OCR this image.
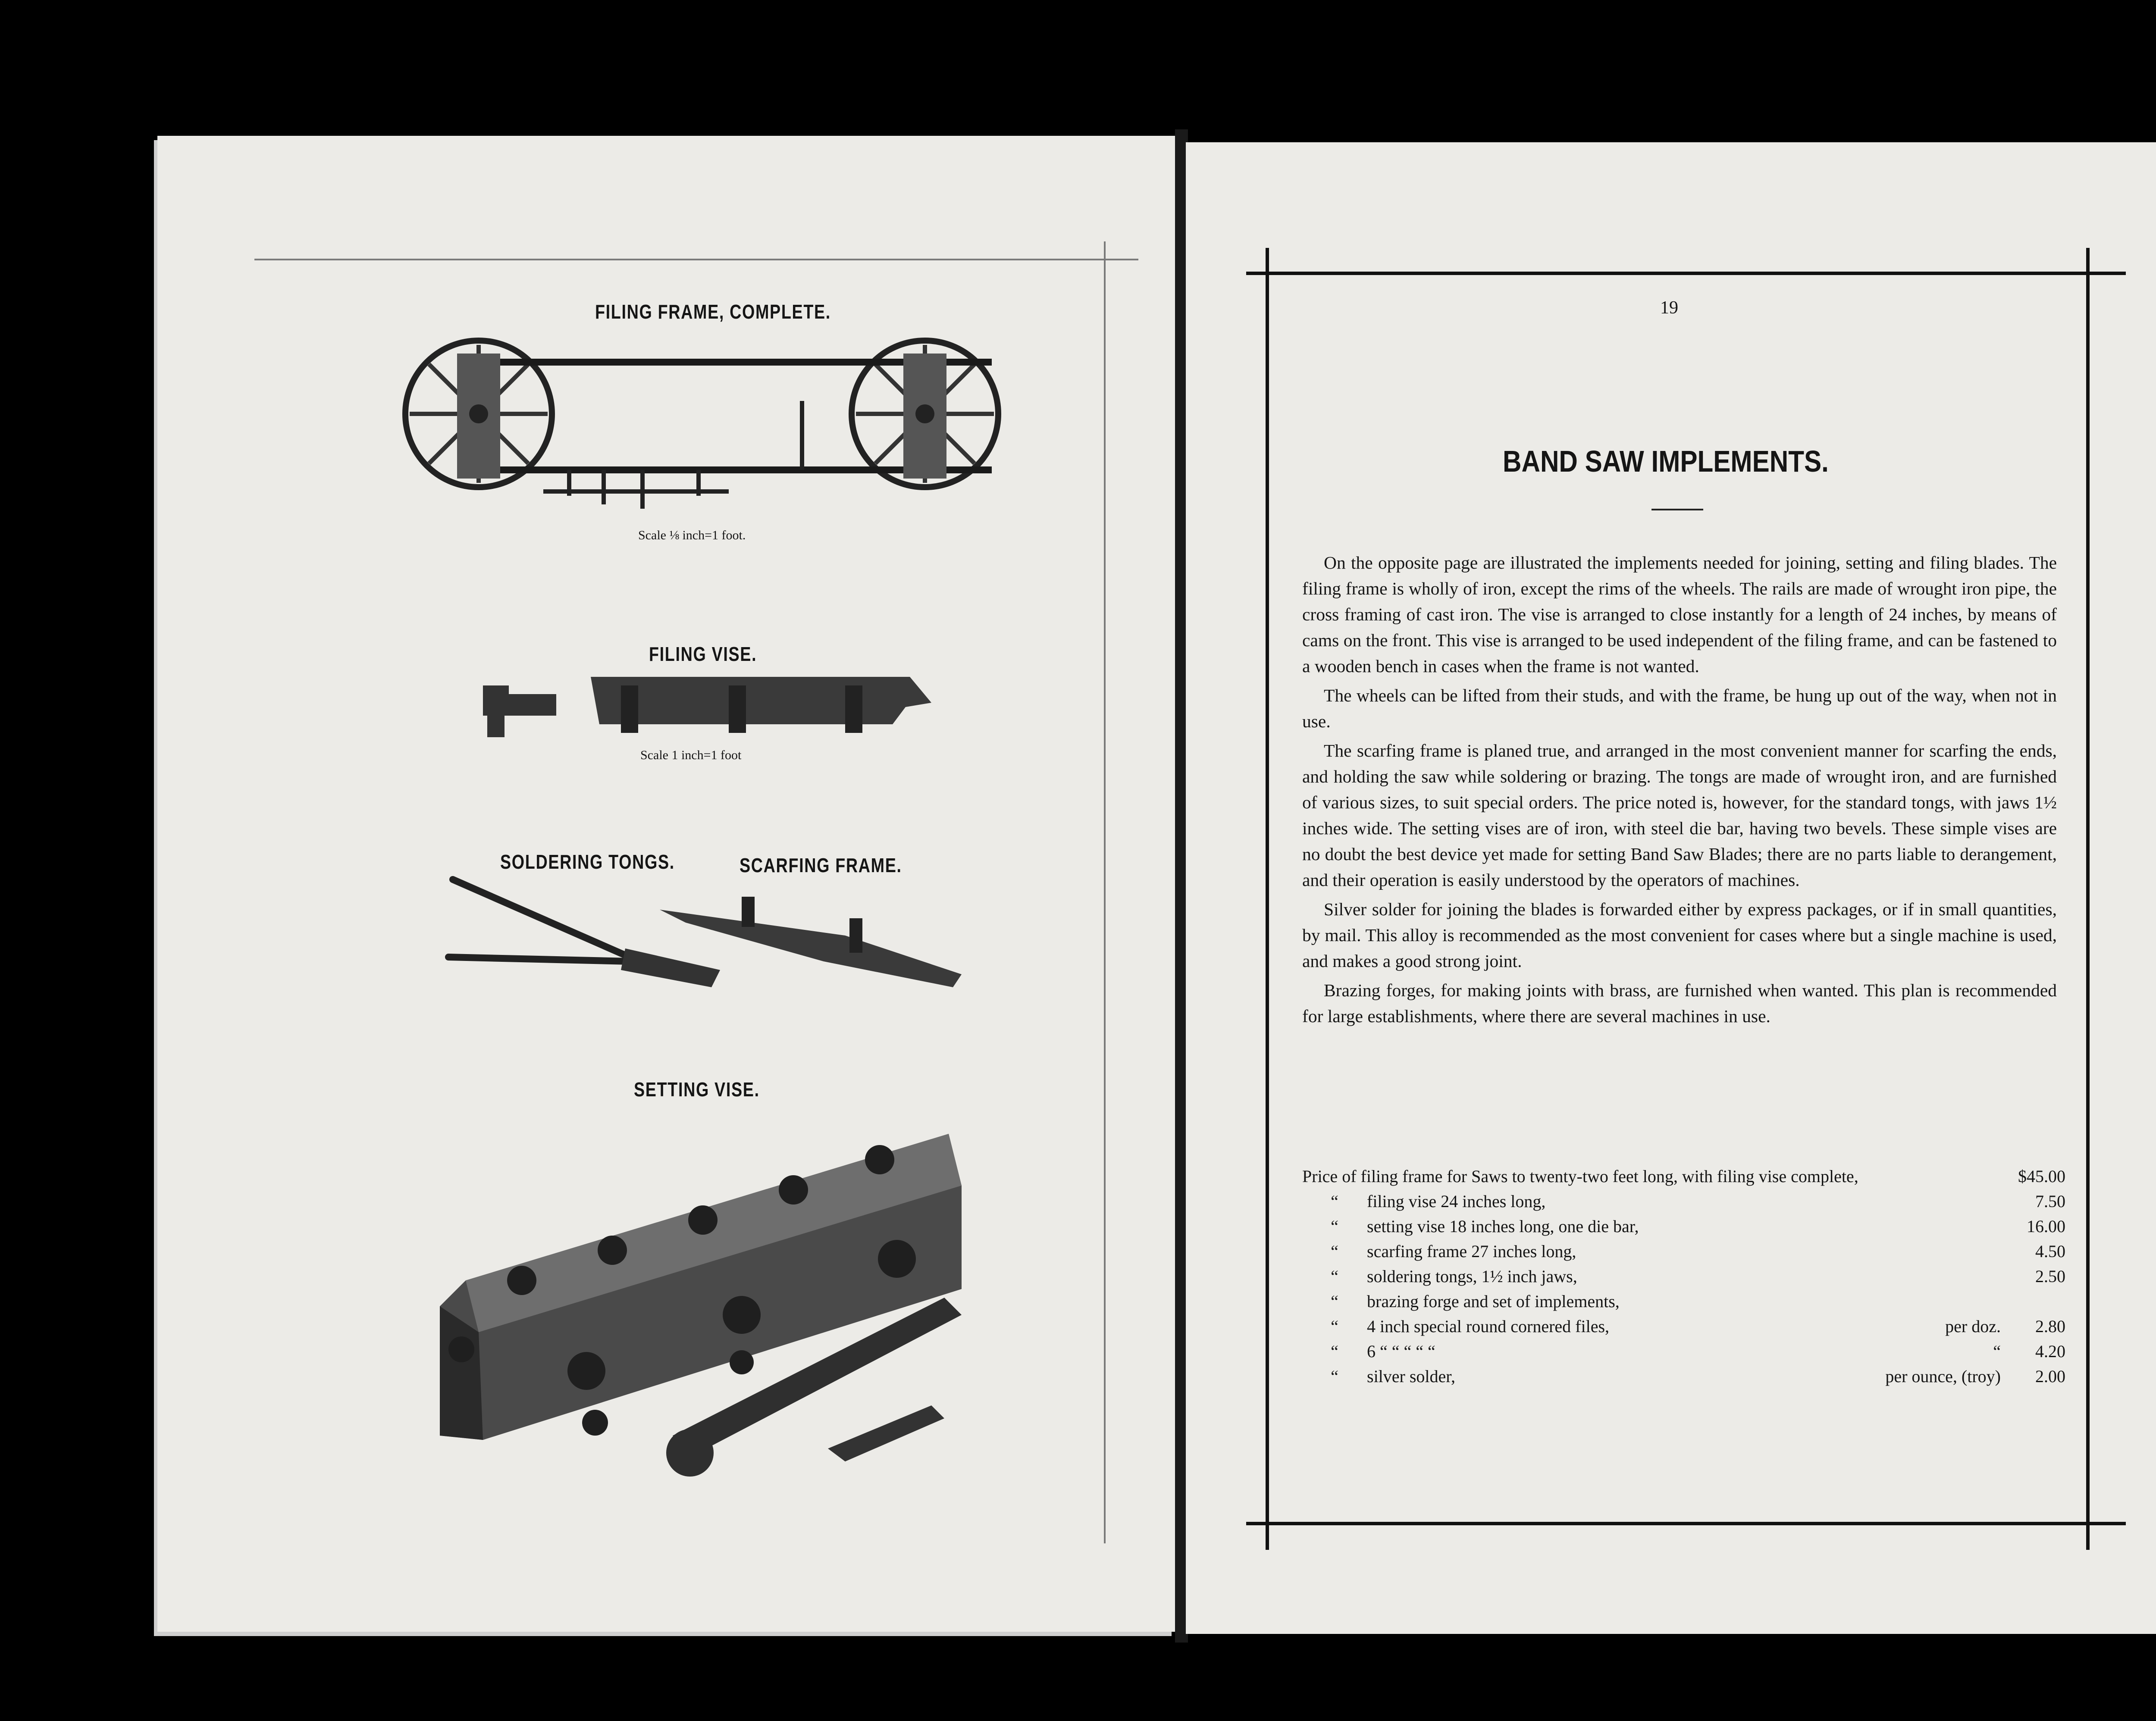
FILING FRAME, COMPLETE.
Scale ⅛ inch=1 foot.
FILING VISE.
Scale 1 inch=1 foot
SOLDERING TONGS.	SCARFING FRAME.
SETTING VISE.
19
BAND SAW IMPLEMENTS.

On the opposite page are illustrated the implements needed for joining, setting and filing blades. The filing frame is wholly of iron, except the rims of the wheels. The rails are made of wrought iron pipe, the cross framing of cast iron. The vise is arranged to close instantly for a length of 24 inches, by means of cams on the front. This vise is arranged to be used independent of the filing frame, and can be fastened to a wooden bench in cases when the frame is not wanted.

The wheels can be lifted from their studs, and with the frame, be hung up out of the way, when not in use.

The scarfing frame is planed true, and arranged in the most convenient manner for scarfing the ends, and holding the saw while soldering or brazing. The tongs are made of wrought iron, and are furnished of various sizes, to suit special orders. The price noted is, however, for the standard tongs, with jaws 1½ inches wide. The setting vises are of iron, with steel die bar, having two bevels. These simple vises are no doubt the best device yet made for setting Band Saw Blades; there are no parts liable to derangement, and their operation is easily understood by the operators of machines.

Silver solder for joining the blades is forwarded either by express packages, or if in small quantities, by mail. This alloy is recommended as the most convenient for cases where but a single machine is used, and makes a good strong joint.

Brazing forges, for making joints with brass, are furnished when wanted. This plan is recommended for large establishments, where there are several machines in use.

Price of filing frame for Saws to twenty-two feet long, with filing vise complete,			$45.00
“	filing vise 24 inches long,		7.50
“	setting vise 18 inches long, one die bar,		16.00
“	scarfing frame 27 inches long,		4.50
“	soldering tongs, 1½ inch jaws,		2.50
“	brazing forge and set of implements,		
“	4 inch special round cornered files,	per doz.	2.80
“	6 “ “ “ “ “	“	4.20
“	silver solder,	per ounce, (troy)	2.00
